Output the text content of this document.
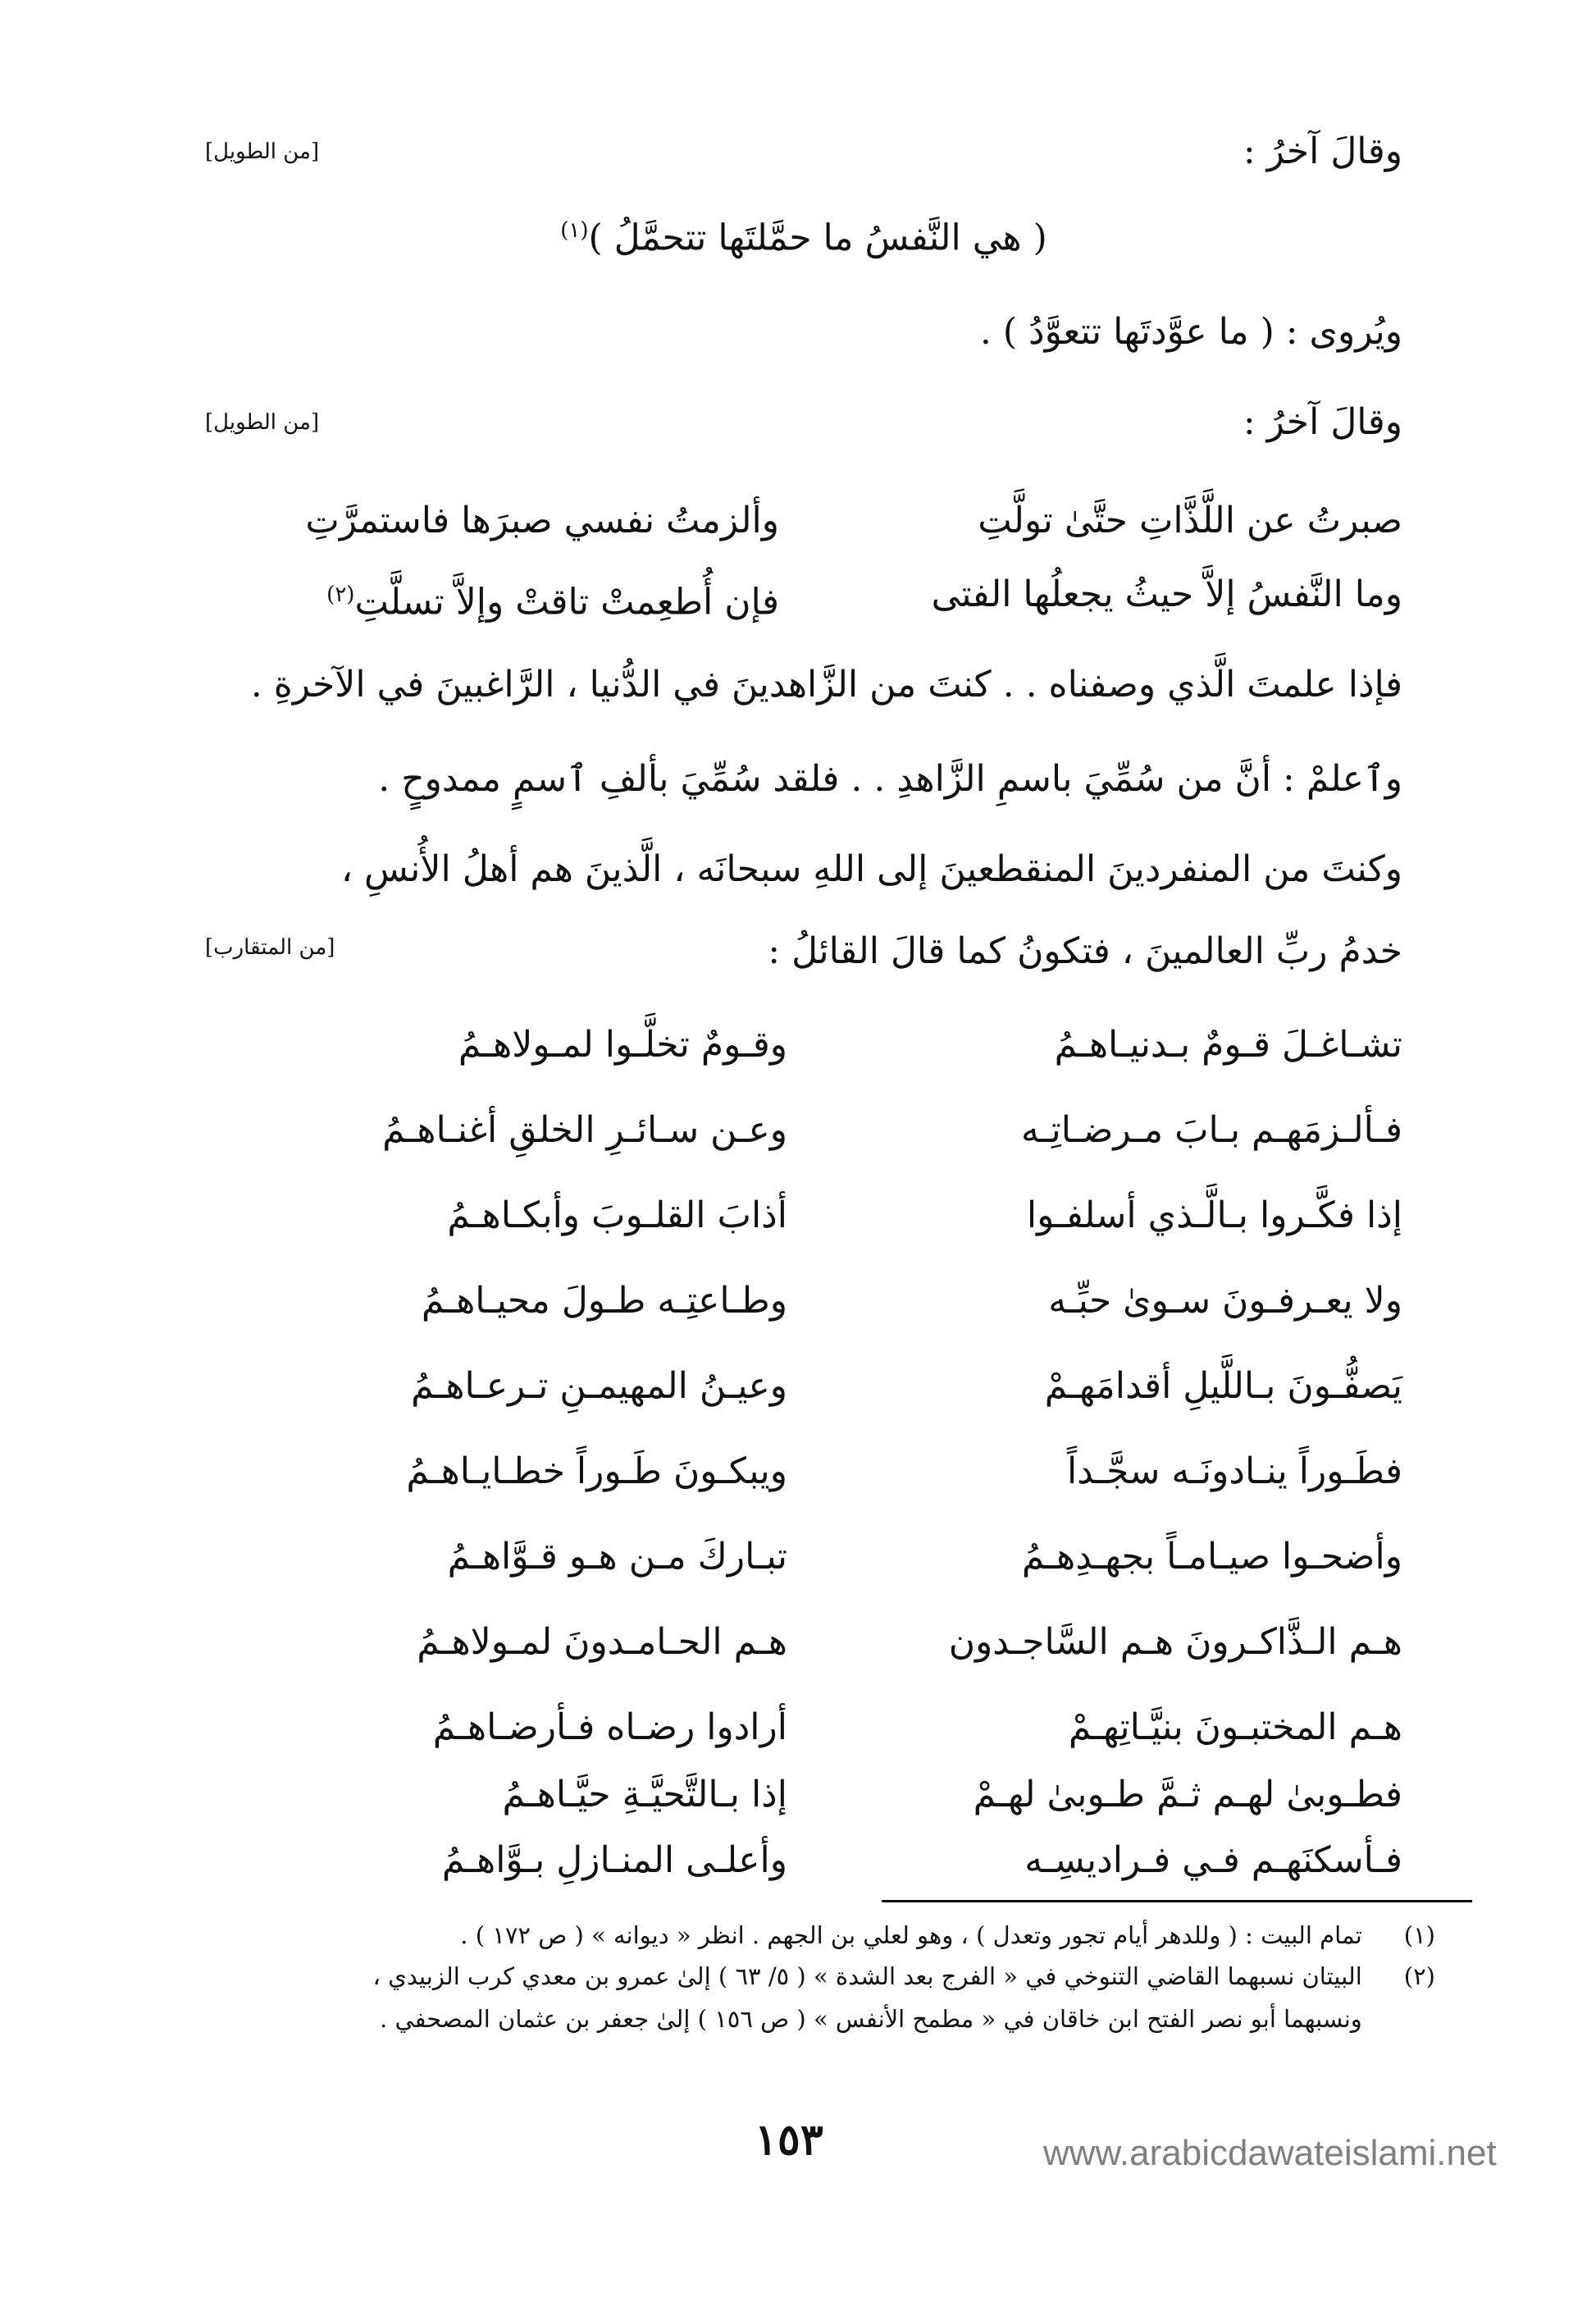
وقالَ آخرُ :
[من الطويل]
( هي النَّفسُ ما حمَّلتَها تتحمَّلُ )$^{(١)}$
ويُروى : ( ما عوَّدتَها تتعوَّدُ ) .
وقالَ آخرُ :
[من الطويل]
صبرتُ عن اللَّذَّاتِ حتَّىٰ تولَّتِ
وألزمتُ نفسي صبرَها فاستمرَّتِ
وما النَّفسُ إلاَّ حيثُ يجعلُها الفتى
فإن أُطعِمتْ تاقتْ وإلاَّ تسلَّتِ$^{(٢)}$
فإذا علمتَ الَّذي وصفناه . . كنتَ من الزَّاهدينَ في الدُّنيا ، الرَّاغبينَ في الآخرةِ .
وٱعلمْ : أنَّ من سُمِّيَ باسمِ الزَّاهدِ . . فلقد سُمِّيَ بألفِ ٱسمٍ ممدوحٍ .
وكنتَ من المنفردينَ المنقطعينَ إلى اللهِ سبحانَه ، الَّذينَ هم أهلُ الأُنسِ ،
خدمُ ربِّ العالمينَ ، فتكونُ كما قالَ القائلُ :
[من المتقارب]
تشـاغـلَ قـومٌ بـدنيـاهـمُ
وقـومٌ تخلَّـوا لمـولاهـمُ
فـألـزمَهـم بـابَ مـرضـاتِـه
وعـن سـائـرِ الخلقِ أغنـاهـمُ
إذا فكَّـروا بـالَّـذي أسلفـوا
أذابَ القلـوبَ وأبكـاهـمُ
ولا يعـرفـونَ سـوىٰ حبِّـه
وطـاعتِـه طـولَ محيـاهـمُ
يَصفُّـونَ بـاللَّيلِ أقدامَهـمْ
وعيـنُ المهيمـنِ تـرعـاهـمُ
فطَـوراً ينـادونَـه سجَّـداً
ويبكـونَ طَـوراً خطـايـاهـمُ
وأضحـوا صيـامـاً بجهـدِهـمُ
تبـاركَ مـن هـو قـوَّاهـمُ
هـم الـذَّاكـرونَ هـم السَّاجـدون
هـم الحـامـدونَ لمـولاهـمُ
هـم المختبـونَ بنيَّـاتِهـمْ
أرادوا رضـاه فـأرضـاهـمُ
فطـوبىٰ لهـم ثـمَّ طـوبىٰ لهـمْ
إذا بـالتَّحيَّـةِ حيَّـاهـمُ
فـأسكنَهـم فـي فـراديسِـه
وأعلـى المنـازلِ بـوَّاهـمُ
(١) تمام البيت : ( وللدهر أيام تجور وتعدل ) ، وهو لعلي بن الجهم . انظر « ديوانه » ( ص ١٧٢ ) .
(٢) البيتان نسبهما القاضي التنوخي في « الفرج بعد الشدة » ( ٥/ ٦٣ ) إلىٰ عمرو بن معدي كرب الزبيدي ،
ونسبهما أبو نصر الفتح ابن خاقان في « مطمح الأنفس » ( ص ١٥٦ ) إلىٰ جعفر بن عثمان المصحفي .
١٥٣	www.arabicdawateislami.net
